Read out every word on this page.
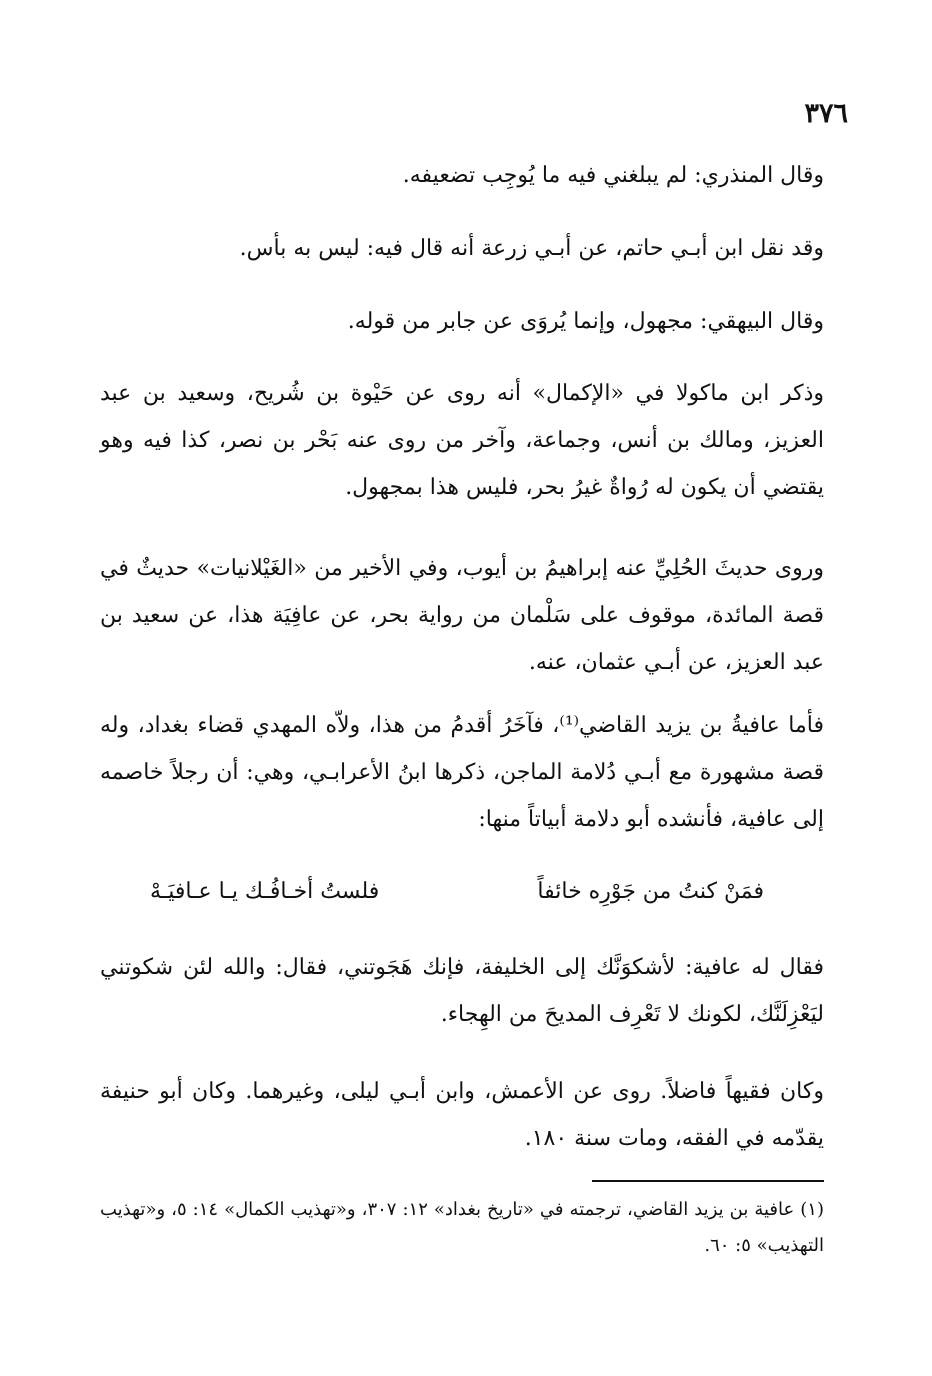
٣٧٦
وقال المنذري: لم يبلغني فيه ما يُوجِب تضعيفه.
وقد نقل ابن أبـي حاتم، عن أبـي زرعة أنه قال فيه: ليس به بأس.
وقال البيهقي: مجهول، وإنما يُروَى عن جابر من قوله.
وذكر ابن ماكولا في «الإكمال» أنه روى عن حَيْوة بن شُريح، وسعيد بن عبد العزيز، ومالك بن أنس، وجماعة، وآخر من روى عنه بَحْر بن نصر، كذا فيه وهو يقتضي أن يكون له رُواةٌ غيرُ بحر، فليس هذا بمجهول.
وروى حديثَ الحُلِيِّ عنه إبراهيمُ بن أيوب، وفي الأخير من «الغَيْلانيات» حديثٌ في قصة المائدة، موقوف على سَلْمان من رواية بحر، عن عافِيَة هذا، عن سعيد بن عبد العزيز، عن أبـي عثمان، عنه.
فأما عافيةُ بن يزيد القاضي⁽¹⁾، فآخَرُ أقدمُ من هذا، ولاّه المهدي قضاء بغداد، وله قصة مشهورة مع أبـي دُلامة الماجن، ذكرها ابنُ الأعرابـي، وهي: أن رجلاً خاصمه إلى عافية، فأنشده أبو دلامة أبياتاً منها:
فمَنْ كنتُ من جَوْرِه خائفاً
فلستُ أخـافُـك يـا عـافيَـهْ
فقال له عافية: لأشكوَنَّك إلى الخليفة، فإنك هَجَوتني، فقال: والله لئن شكوتني ليَعْزِلَنَّك، لكونك لا تَعْرِف المديحَ من الهِجاء.
وكان فقيهاً فاضلاً. روى عن الأعمش، وابن أبـي ليلى، وغيرهما. وكان أبو حنيفة يقدّمه في الفقه، ومات سنة ١٨٠.
(١) عافية بن يزيد القاضي، ترجمته في «تاريخ بغداد» ١٢: ٣٠٧، و«تهذيب الكمال» ١٤: ٥، و«تهذيب التهذيب» ٥: ٦٠.
